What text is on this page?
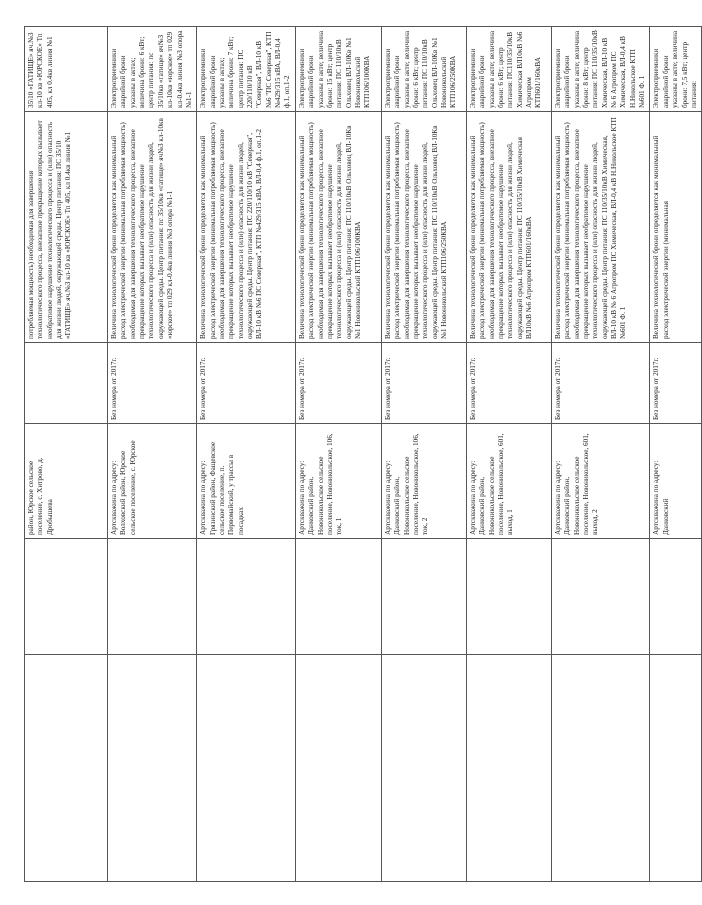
		район, Юрское сельское поселение, с. Хитрово, д. Дробышева		потребляемая мощность) необходимая для завершения технологического процесса, внезапное прекращение которых вызывает необратимое нарушение технологического процесса и (или) опасность для жизни людей, окружающей среды. Центр питания: ПС 35/10 «ГАТИЩЕ» яч.№3 кл-10 кв «ЮРСКОЕ» Тп 405, кл 0.4кв линия №1	35\10 «ГАТИЩЕ» яч.№3 кл-10 кв «ЮРСКОЕ» Тп 405, кл 0.4кв линия №1
		Артскважина по адресу: Волховский район, Юрское сельское поселение, с. Юрское	Без номера от 2017г.	Величина технологической брони определяется как минимальный расход электрической энергии (минимальная потребляемая мощность) необходимая для завершения технологического процесса, внезапное прекращение которых вызывает необратимое нарушение технологического процесса и (или) опасность для жизни людей, окружающей среды. Центр питания: пс 35/10кв «гатище» яч№3 кл-10кв «юрское» тп 029 кл-0.4кв линия №3 опора №1-1	Электроприемники аварийной брони указаны в актах; величина брони: 6 кВт; центр питания: пс 35/10кв «гатище» яч№3 кл-10кв «юрское» тп 029 кл-0.4кв линия №3 опора №1-1
		Артскважина по адресу: Грязинский район, Фащевское сельское поселение, п. Первомайский, у трассы в посадках	Без номера от 2017г.	Величина технологической брони определяется как минимальный расход электрической энергии (минимальная потребляемая мощность) необходимая для завершения технологического процесса, внезапное прекращение которых вызывает необратимое нарушение технологического процесса и (или) опасность для жизни людей, окружающей среды. Центр питания: ПС 220/110/10 кВ "Северная", ВЛ-10 кВ №6 ПС Северная", КТП №429/315 кВА, ВЛ-0,4 ф.1, оп.1-2	Электроприемники аварийной брони указаны в актах; величина брони: 7 кВт; центр питания: ПС 220/110/10 кВ "Северная", ВЛ-10 кВ №6 "ПС Северная", КТП №429/315 кВА, ВЛ-0,4 ф.1, оп.1-2
		Артскважина по адресу: Данковский район, Новоникольское сельское поселение, Новоникольское, 106, ток, 1	Без номера от 2017г.	Величина технологической брони определяется как минимальный расход электрической энергии (минимальная потребляемая мощность) необходимая для завершения технологического процесса, внезапное прекращение которых вызывает необратимое нарушение технологического процесса и (или) опасность для жизни людей, окружающей среды. Центр питания: ПС 110/10кВ Ольховец ВЛ-10Кв №1 Новоникольский КТП106/100КВА	Электроприемники аварийной брони указаны в акте; величина брони: 15 кВт; центр питания: ПС 110/10кВ Ольховец ВЛ-10Кв №1 Новоникольский КТП106/100КВА
		Артскважина по адресу: Данковский район, Новоникольское сельское поселение, Новоникольское, 106, ток, 2	Без номера от 2017г.	Величина технологической брони определяется как минимальный расход электрической энергии (минимальная потребляемая мощность) необходимая для завершения технологического процесса, внезапное прекращение которых вызывает необратимое нарушение технологического процесса и (или) опасность для жизни людей, окружающей среды. Центр питания: ПС 110/10кВ Ольховец ВЛ-10Кв №1 Новоникольский КТП106/250КВА	Электроприемники аварийной брони указаны в акте; величина брони: 6 кВт; центр питания: ПС 110/10кВ Ольховец ВЛ-10Кв №1 Новоникольский КТП106/250КВА
		Артскважина по адресу: Данковский район, Новоникольское сельское поселение, Новоникольское, 601, выход, 1	Без номера от 2017г.	Величина технологической брони определяется как минимальный расход электрической энергии (минимальная потребляемая мощность) необходимая для завершения технологического процесса, внезапное прекращение которых вызывает необратимое нарушение технологического процесса и (или) опасность для жизни людей, окружающей среды. Центр питания: ПС 110/35/10кВ Химическая ВЛ10кВ №6 Агропром КТП601/160кВА	Электроприемники аварийной брони указаны в акте; величина брони: 6 кВт; центр питания: ПС110/35/10кВ Химическая ВЛ10кВ №6 Агропром КТП601/160кВА
		Артскважина по адресу: Данковский район, Новоникольское сельское поселение, Новоникольское, 601, выход, 2	Без номера от 2017г.	Величина технологической брони определяется как минимальный расход электрической энергии (минимальная потребляемая мощность) необходимая для завершения технологического процесса, внезапное прекращение которых вызывает необратимое нарушение технологического процесса и (или) опасность для жизни людей, окружающей среды. Центр питания: ПС 110/35/10кВ Химическая, ВЛ-10 кВ № 6 Агропром ПС Химическая, ВЛ-0,4 кВ Н.Никольское КТП №601 Ф. 1	Электроприемники аварийной брони указаны в акте; величина брони: 8 кВт; центр питания: ПС 110/35/10кВ Химическая, ВЛ-10 кВ № 6 Агропром ПС Химическая, ВЛ-0,4 кВ Н.Никольское КТП №601 Ф. 1
		Артскважина по адресу: Данковский	Без номера от 2017г.	Величина технологической брони определяется как минимальный расход электрической энергии (минимальная	Электроприемники аварийной брони указаны в акте; величина брони: 7,5 кВт; центр питания:
